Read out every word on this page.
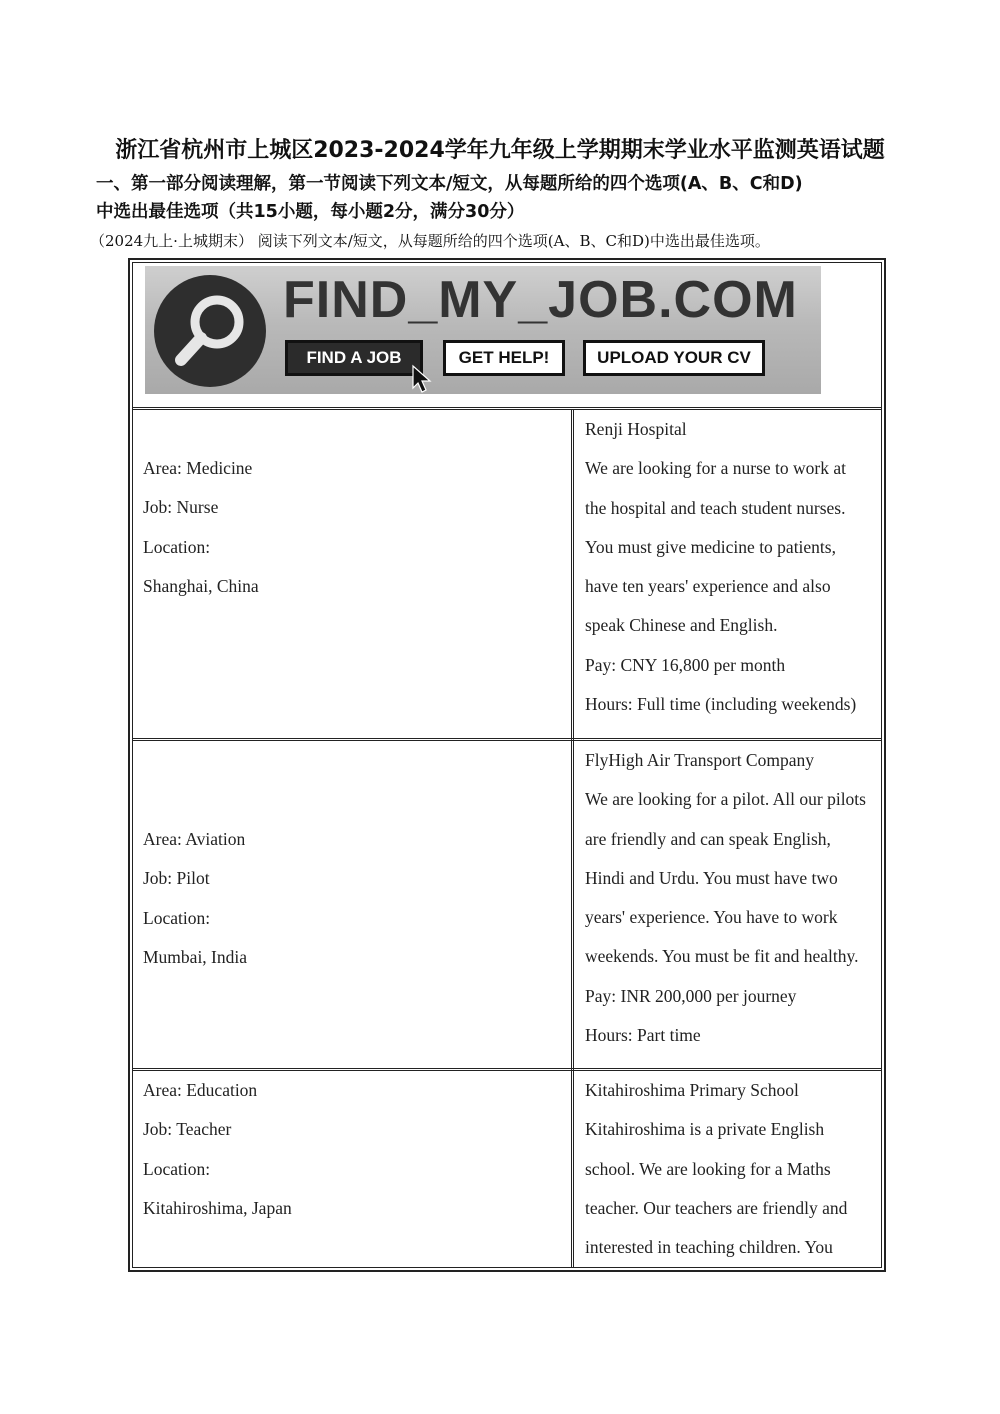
浙江省杭州市上城区2023-2024学年九年级上学期期末学业水平监测英语试题
一、第一部分阅读理解，第一节阅读下列文本/短文，从每题所给的四个选项(A、B、C和D)
中选出最佳选项（共15小题，每小题2分，满分30分）
（2024九上·上城期末） 阅读下列文本/短文，从每题所给的四个选项(A、B、C和D)中选出最佳选项。
FIND_MY_JOB.COM
FIND A JOB	GET HELP!	UPLOAD YOUR CV
Area: Medicine
Job: Nurse
Location:
Shanghai, China
Renji Hospital
We are looking for a nurse to work at
the hospital and teach student nurses.
You must give medicine to patients,
have ten years' experience and also
speak Chinese and English.
Pay: CNY 16,800 per month
Hours: Full time (including weekends)
Area: Aviation
Job: Pilot
Location:
Mumbai, India
FlyHigh Air Transport Company
We are looking for a pilot. All our pilots
are friendly and can speak English,
Hindi and Urdu. You must have two
years' experience. You have to work
weekends. You must be fit and healthy.
Pay: INR 200,000 per journey
Hours: Part time
Area: Education
Job: Teacher
Location:
Kitahiroshima, Japan
Kitahiroshima Primary School
Kitahiroshima is a private English
school. We are looking for a Maths
teacher. Our teachers are friendly and
interested in teaching children. You
